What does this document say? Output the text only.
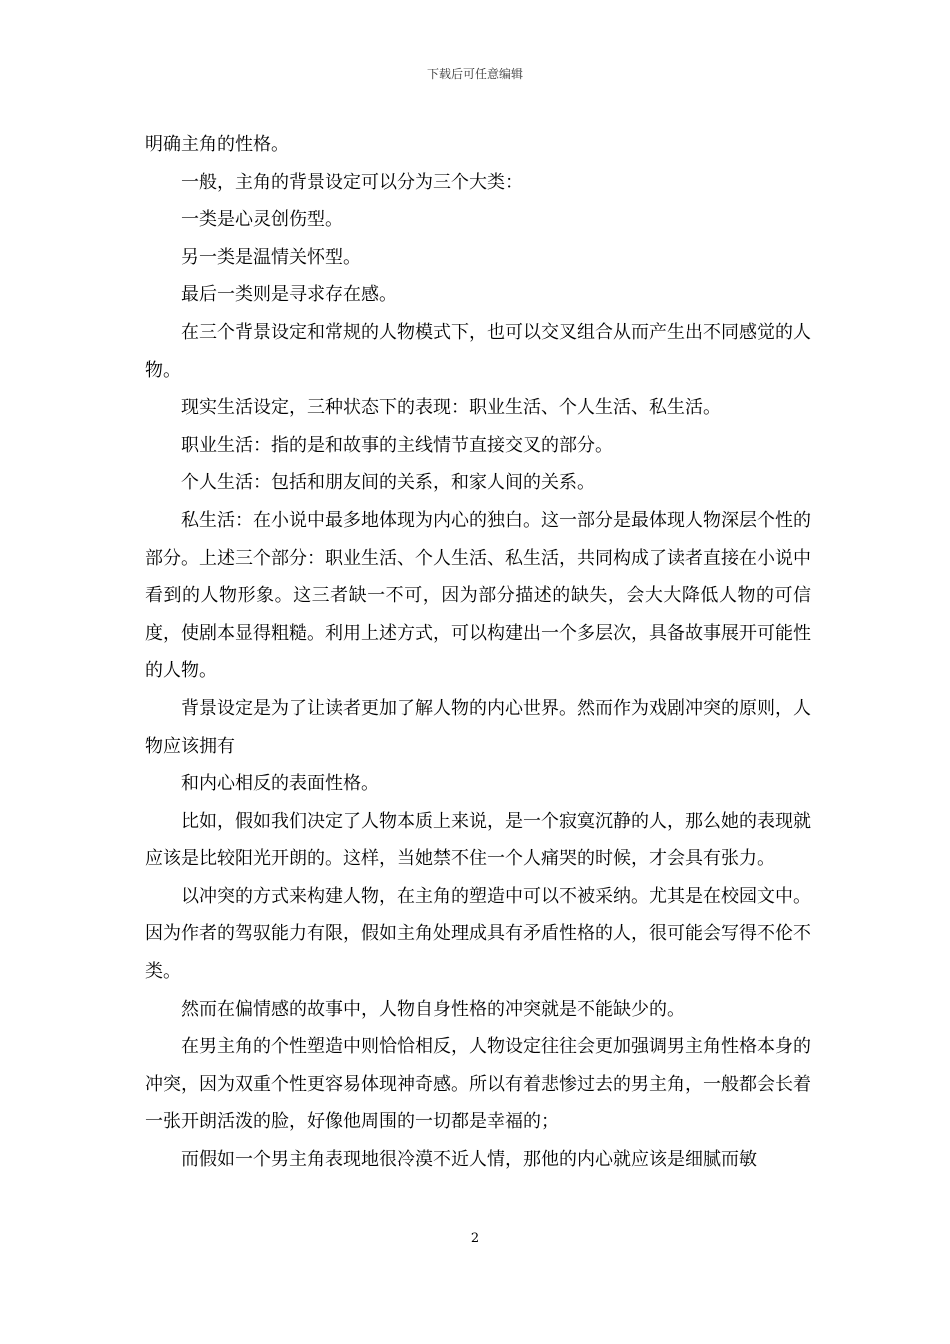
下载后可任意编辑

明确主角的性格。

一般，主角的背景设定可以分为三个大类：

一类是心灵创伤型。

另一类是温情关怀型。

最后一类则是寻求存在感。

在三个背景设定和常规的人物模式下，也可以交叉组合从而产生出不同感觉的人物。

现实生活设定，三种状态下的表现：职业生活、个人生活、私生活。

职业生活：指的是和故事的主线情节直接交叉的部分。

个人生活：包括和朋友间的关系，和家人间的关系。

私生活：在小说中最多地体现为内心的独白。这一部分是最体现人物深层个性的部分。上述三个部分：职业生活、个人生活、私生活，共同构成了读者直接在小说中看到的人物形象。这三者缺一不可，因为部分描述的缺失，会大大降低人物的可信度，使剧本显得粗糙。利用上述方式，可以构建出一个多层次，具备故事展开可能性的人物。

背景设定是为了让读者更加了解人物的内心世界。然而作为戏剧冲突的原则，人物应该拥有

和内心相反的表面性格。

比如，假如我们决定了人物本质上来说，是一个寂寞沉静的人，那么她的表现就应该是比较阳光开朗的。这样，当她禁不住一个人痛哭的时候，才会具有张力。

以冲突的方式来构建人物，在主角的塑造中可以不被采纳。尤其是在校园文中。因为作者的驾驭能力有限，假如主角处理成具有矛盾性格的人，很可能会写得不伦不类。

然而在偏情感的故事中，人物自身性格的冲突就是不能缺少的。

在男主角的个性塑造中则恰恰相反，人物设定往往会更加强调男主角性格本身的冲突，因为双重个性更容易体现神奇感。所以有着悲惨过去的男主角，一般都会长着一张开朗活泼的脸，好像他周围的一切都是幸福的；

而假如一个男主角表现地很冷漠不近人情，那他的内心就应该是细腻而敏

2
